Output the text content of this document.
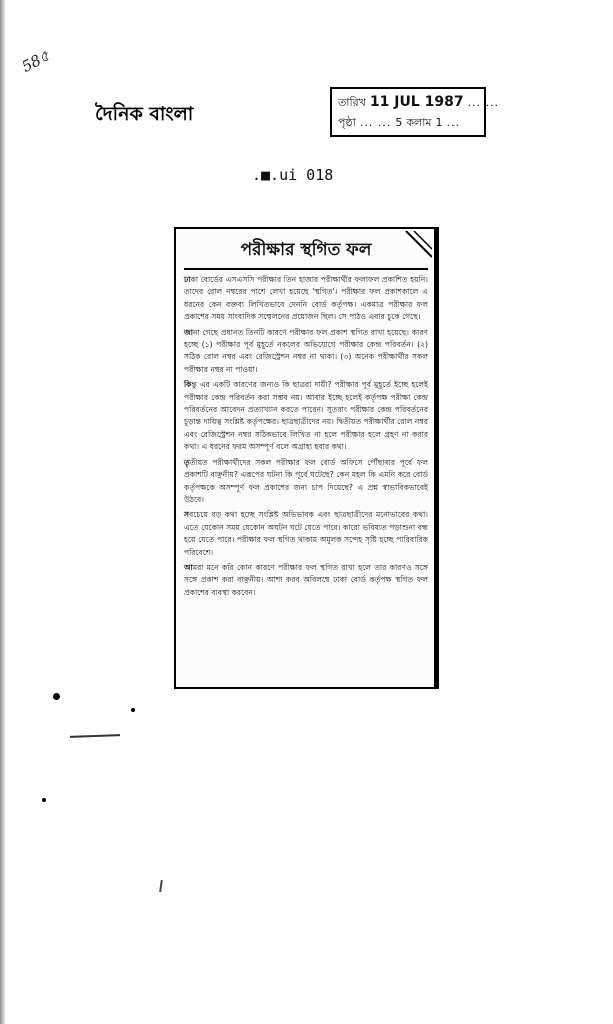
58৫
দৈনিক বাংলা
তারিখ 11 JUL 1987 ... ...
পৃষ্ঠা ... ... 5 কলাম 1 ...
.■.ui 018
পরীক্ষার স্থগিত ফল

ঢাকা বোর্ডের এসএসসি পরীক্ষার তিন হাজার পরীক্ষার্থীর ফলাফল প্রকাশিত হয়নি। তাদের রোল নম্বরের পাশে লেখা হয়েছে 'স্থগিত'। পরীক্ষার ফল প্রকাশকালে এ ধরনের কেন বক্তব্য লিখিতভাবে দেননি বোর্ড কর্তৃপক্ষ। একমাত্র পরীক্ষার ফল প্রকাশের সময় সাংবাদিক সম্মেলনের প্রয়োজন ছিল। সে পাঠও এবার চুকে গেছে।

জানা গেছে প্রধানত তিনটি কারণে পরীক্ষার ফল প্রকাশ স্থগিত রাখা হয়েছে। কারণ হচ্ছে (১) পরীক্ষার পূর্ব মুহূর্তে নকলের অভিযোগে পরীক্ষার কেন্দ্র পরিবর্তন। (২) সঠিক রোল নম্বর এবং রেজিস্ট্রেশন নম্বর না থাকা। (৩) অনেক পরীক্ষার্থীর সকল পরীক্ষার নম্বর না পাওয়া।

কিন্তু এর একটি কারণের জন্যও কি ছাত্ররা দায়ী? পরীক্ষার পূর্ব মুহূর্তে ইচ্ছে হলেই পরীক্ষার কেন্দ্র পরিবর্তন করা সম্ভব নয়। আবার ইচ্ছে হলেই কর্তৃপক্ষ পরীক্ষা কেন্দ্র পরিবর্তনের আবেদন প্রত্যাখ্যান করতে পারেন। সুতরাং পরীক্ষার কেন্দ্র পরিবর্তনের চূড়ান্ত দায়িত্ব সংশ্লিষ্ট কর্তৃপক্ষের। ছাত্রছাত্রীদের নয়। দ্বিতীয়ত পরীক্ষার্থীর রোল নম্বর এবং রেজিস্ট্রেশন নম্বর সঠিকভাবে লিখিত না হলে পরীক্ষার হলে গ্রহণ না করার কথা। এ ধরনের ফরম অসম্পূর্ণ বলে অগ্রাহ্য হবার কথা।

তৃতীয়ত পরীক্ষার্থীদের সকল পরীক্ষার ফল বোর্ড অফিসে পৌঁছাবার পূর্বে ফল প্রকাশটি বাঞ্ছনীয়? এরূপের ঘটনা কি পূর্বে ঘটেছে? কেন মহল কি এমনি করে বোর্ড কর্তৃপক্ষকে অসম্পূর্ণ ফল প্রকাশের জন্য চাপ দিয়েছে? এ প্রশ্ন স্বাভাবিকভাবেই উঠবে।

সবচেয়ে বড় কথা হচ্ছে সংশ্লিষ্ট অভিভাবক এবং ছাত্রছাত্রীদের মনোভাবের কথা। এতে যেকোন সময় যেকোন অঘটন ঘটে যেতে পারে। কারো ভবিষ্যত পড়াশুনা বন্ধ হয়ে যেতে পারে। পরীক্ষার ফল স্থগিত থাকায় অমূলক সন্দেহ সৃষ্টি হচ্ছে পারিবারিক পরিবেশে।

আমরা মনে করি কোন কারণে পরীক্ষার ফল স্থগিত রাখা হলে তার কারণও সঙ্গে সঙ্গে প্রকাশ করা বাঞ্ছনীয়। আশা করব অবিলম্বে ঢাকা বোর্ড কর্তৃপক্ষ স্থগিত ফল প্রকাশের ব্যবস্থা করবেন।
